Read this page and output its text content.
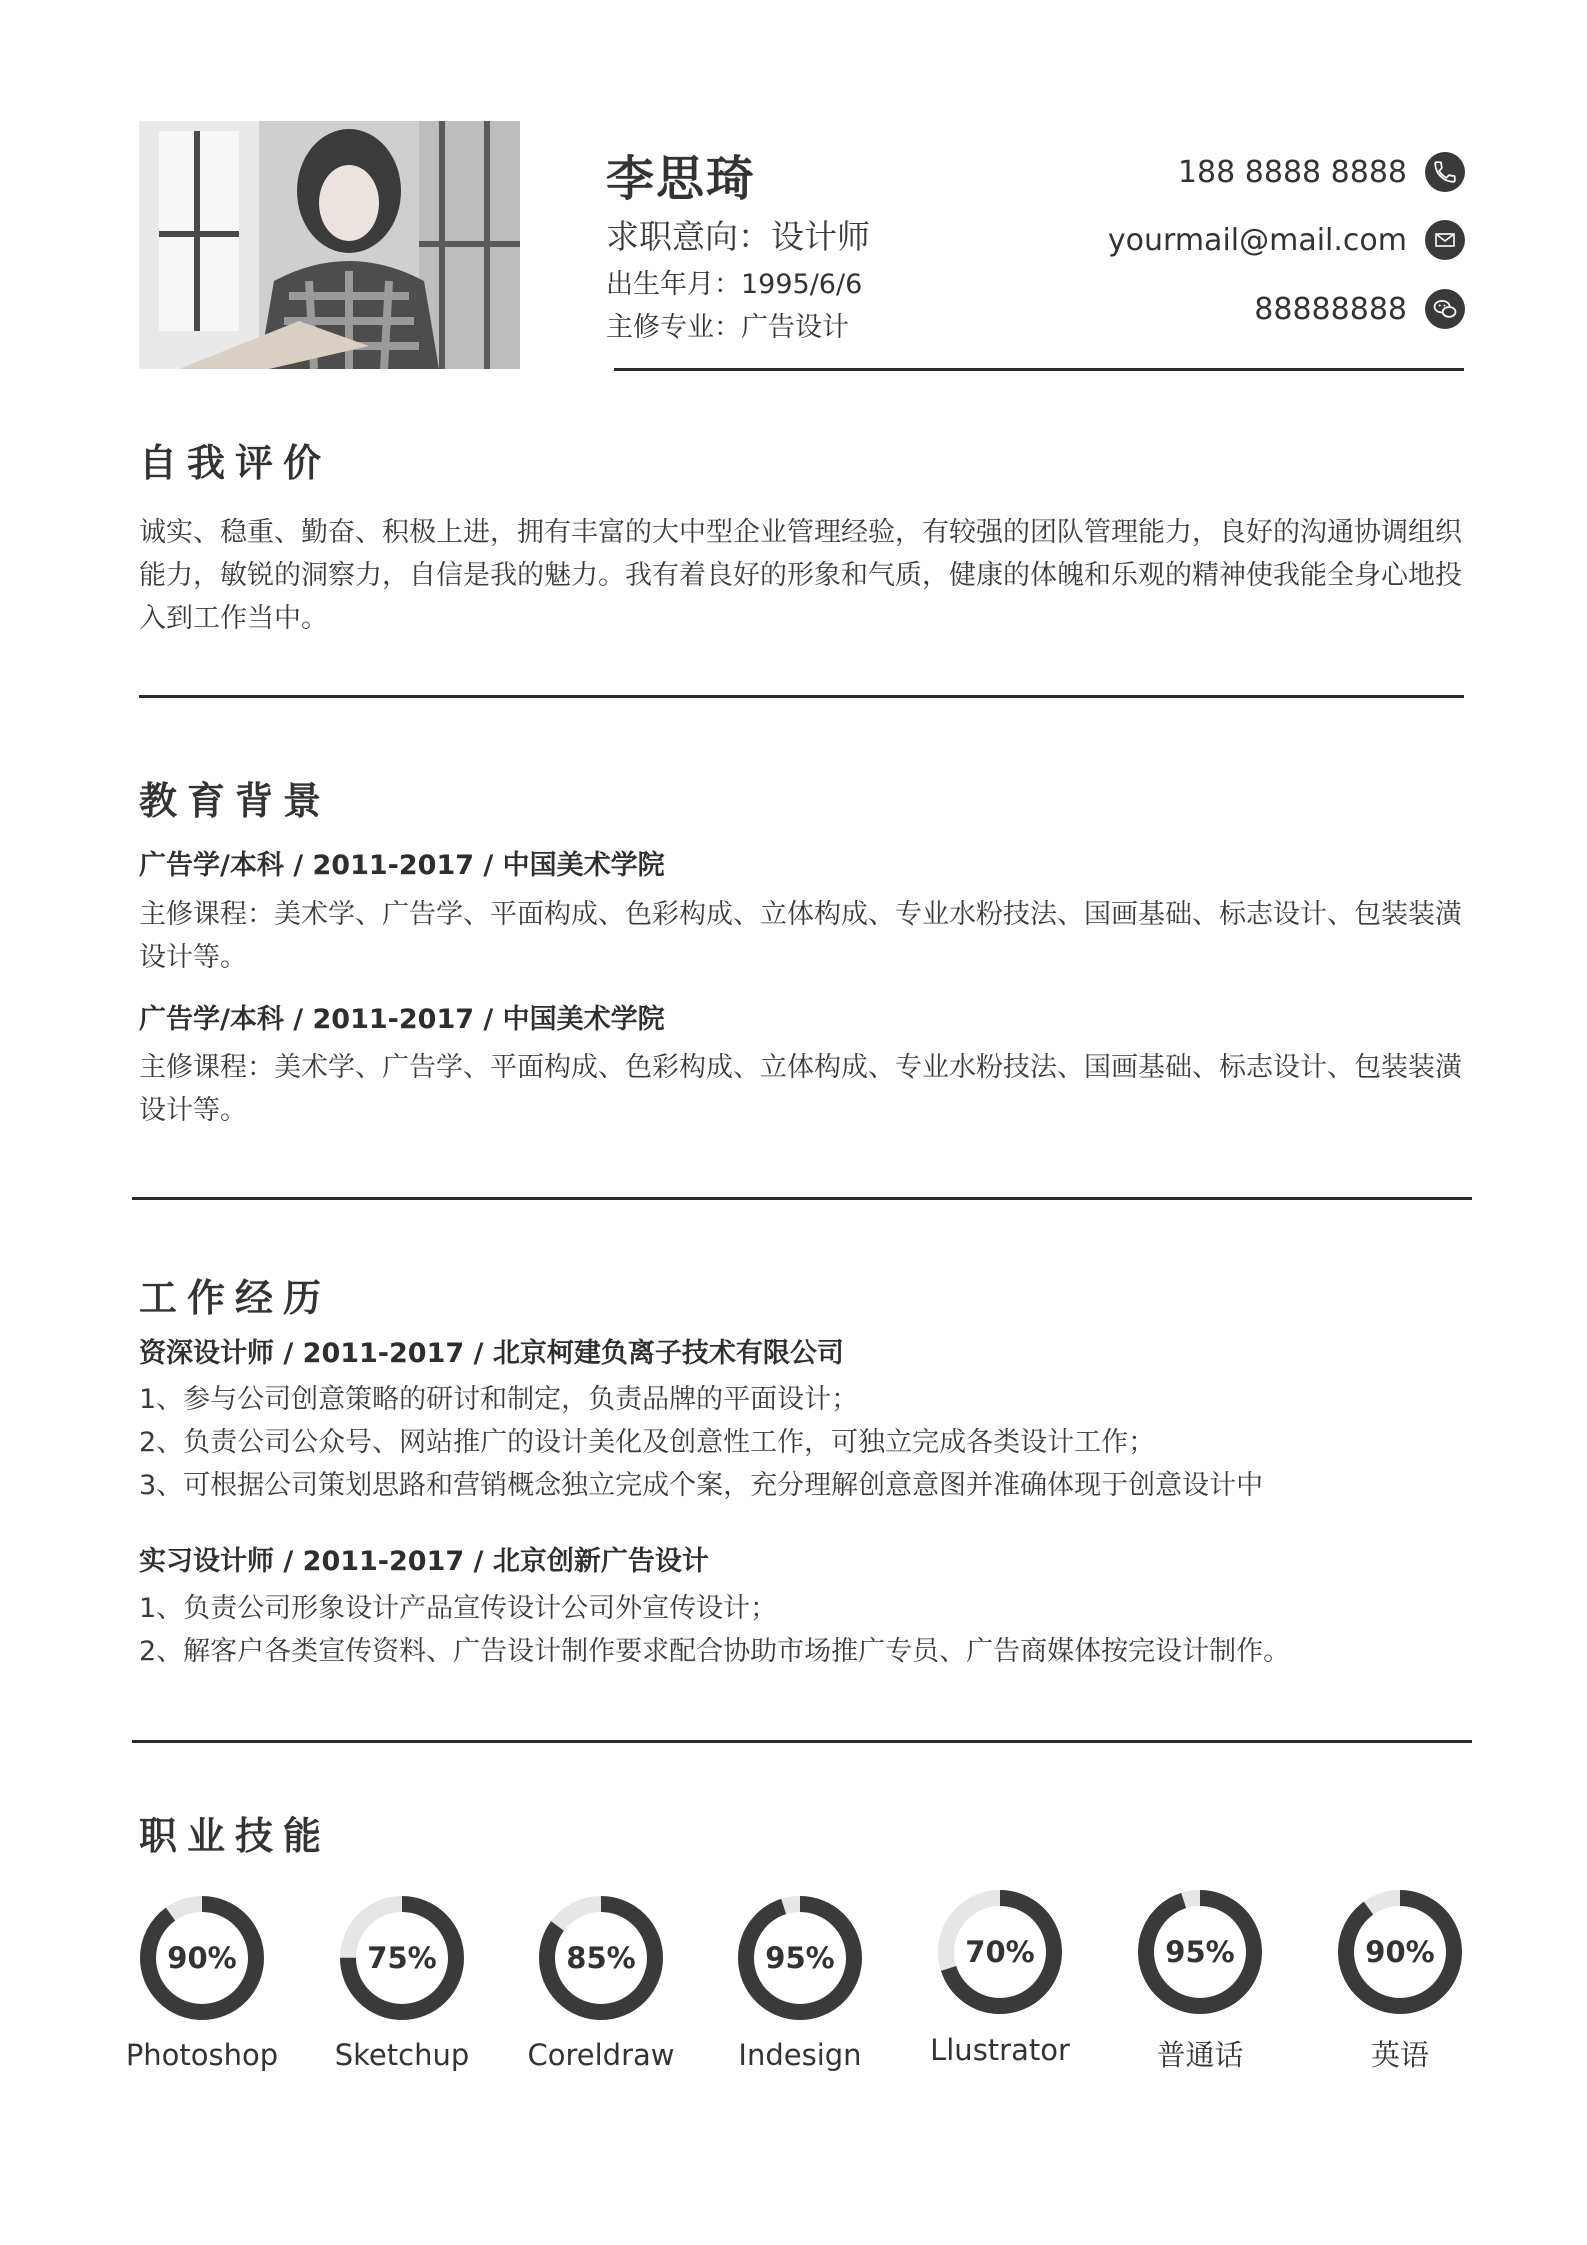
李思琦
求职意向：设计师
出生年月：1995/6/6
主修专业：广告设计
188 8888 8888
yourmail@mail.com
88888888
自我评价
诚实、稳重、勤奋、积极上进，拥有丰富的大中型企业管理经验，有较强的团队管理能力，良好的沟通协调组织
能力，敏锐的洞察力，自信是我的魅力。我有着良好的形象和气质，健康的体魄和乐观的精神使我能全身心地投
入到工作当中。
教育背景
广告学/本科 / 2011-2017 / 中国美术学院
主修课程：美术学、广告学、平面构成、色彩构成、立体构成、专业水粉技法、国画基础、标志设计、包装装潢
设计等。
广告学/本科 / 2011-2017 / 中国美术学院
主修课程：美术学、广告学、平面构成、色彩构成、立体构成、专业水粉技法、国画基础、标志设计、包装装潢
设计等。
工作经历
资深设计师 / 2011-2017 / 北京柯建负离子技术有限公司
1、参与公司创意策略的研讨和制定，负责品牌的平面设计；
2、负责公司公众号、网站推广的设计美化及创意性工作，可独立完成各类设计工作；
3、可根据公司策划思路和营销概念独立完成个案，充分理解创意意图并准确体现于创意设计中
实习设计师 / 2011-2017 / 北京创新广告设计
1、负责公司形象设计产品宣传设计公司外宣传设计；
2、解客户各类宣传资料、广告设计制作要求配合协助市场推广专员、广告商媒体按完设计制作。
职业技能
90%
Photoshop
75%
Sketchup
85%
Coreldraw
95%
Indesign
70%
Llustrator
95%
普通话
90%
英语
